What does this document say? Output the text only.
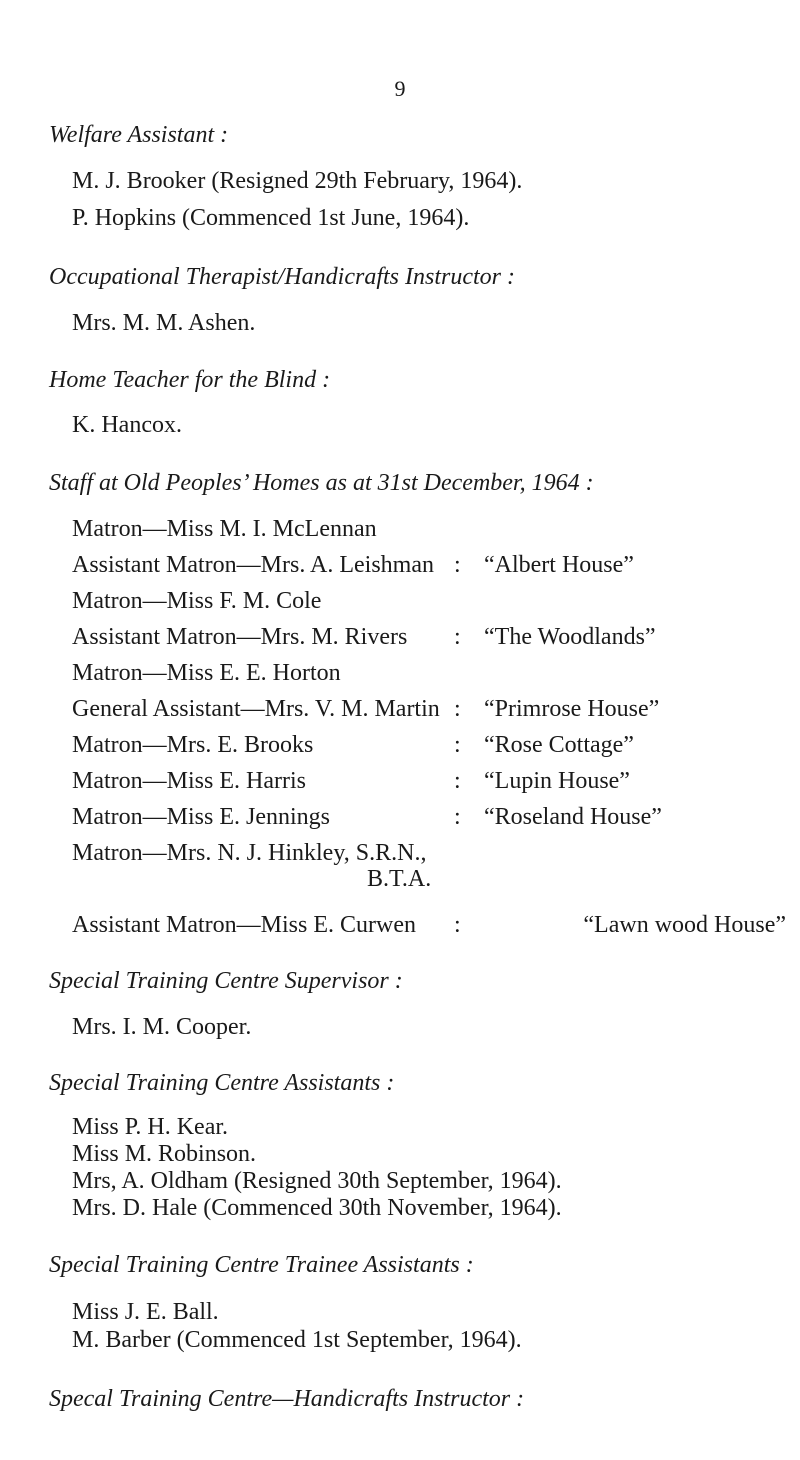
9
Welfare Assistant :
M. J. Brooker (Resigned 29th February, 1964).
P. Hopkins (Commenced 1st June, 1964).
Occupational Therapist/Handicrafts Instructor :
Mrs. M. M. Ashen.
Home Teacher for the Blind :
K. Hancox.
Staff at Old Peoples’ Homes as at 31st December, 1964 :
Matron—Miss M. I. McLennan
Assistant Matron—Mrs. A. Leishman : “Albert House”
Matron—Miss F. M. Cole
Assistant Matron—Mrs. M. Rivers : “The Woodlands”
Matron—Miss E. E. Horton
General Assistant—Mrs. V. M. Martin : “Primrose House”
Matron—Mrs. E. Brooks	: “Rose Cottage”
Matron—Miss E. Harris	: “Lupin House”
Matron—Miss E. Jennings	: “Roseland House”
Matron—Mrs. N. J. Hinkley, S.R.N.,
B.T.A.
Assistant Matron—Miss E. Curwen :	“Lawn wood House”
Special Training Centre Supervisor :
Mrs. I. M. Cooper.
Special Training Centre Assistants :
Miss P. H. Kear.
Miss M. Robinson.
Mrs, A. Oldham (Resigned 30th September, 1964).
Mrs. D. Hale (Commenced 30th November, 1964).
Special Training Centre Trainee Assistants :
Miss J. E. Ball.
M. Barber (Commenced 1st September, 1964).
Specal Training Centre—Handicrafts Instructor :
